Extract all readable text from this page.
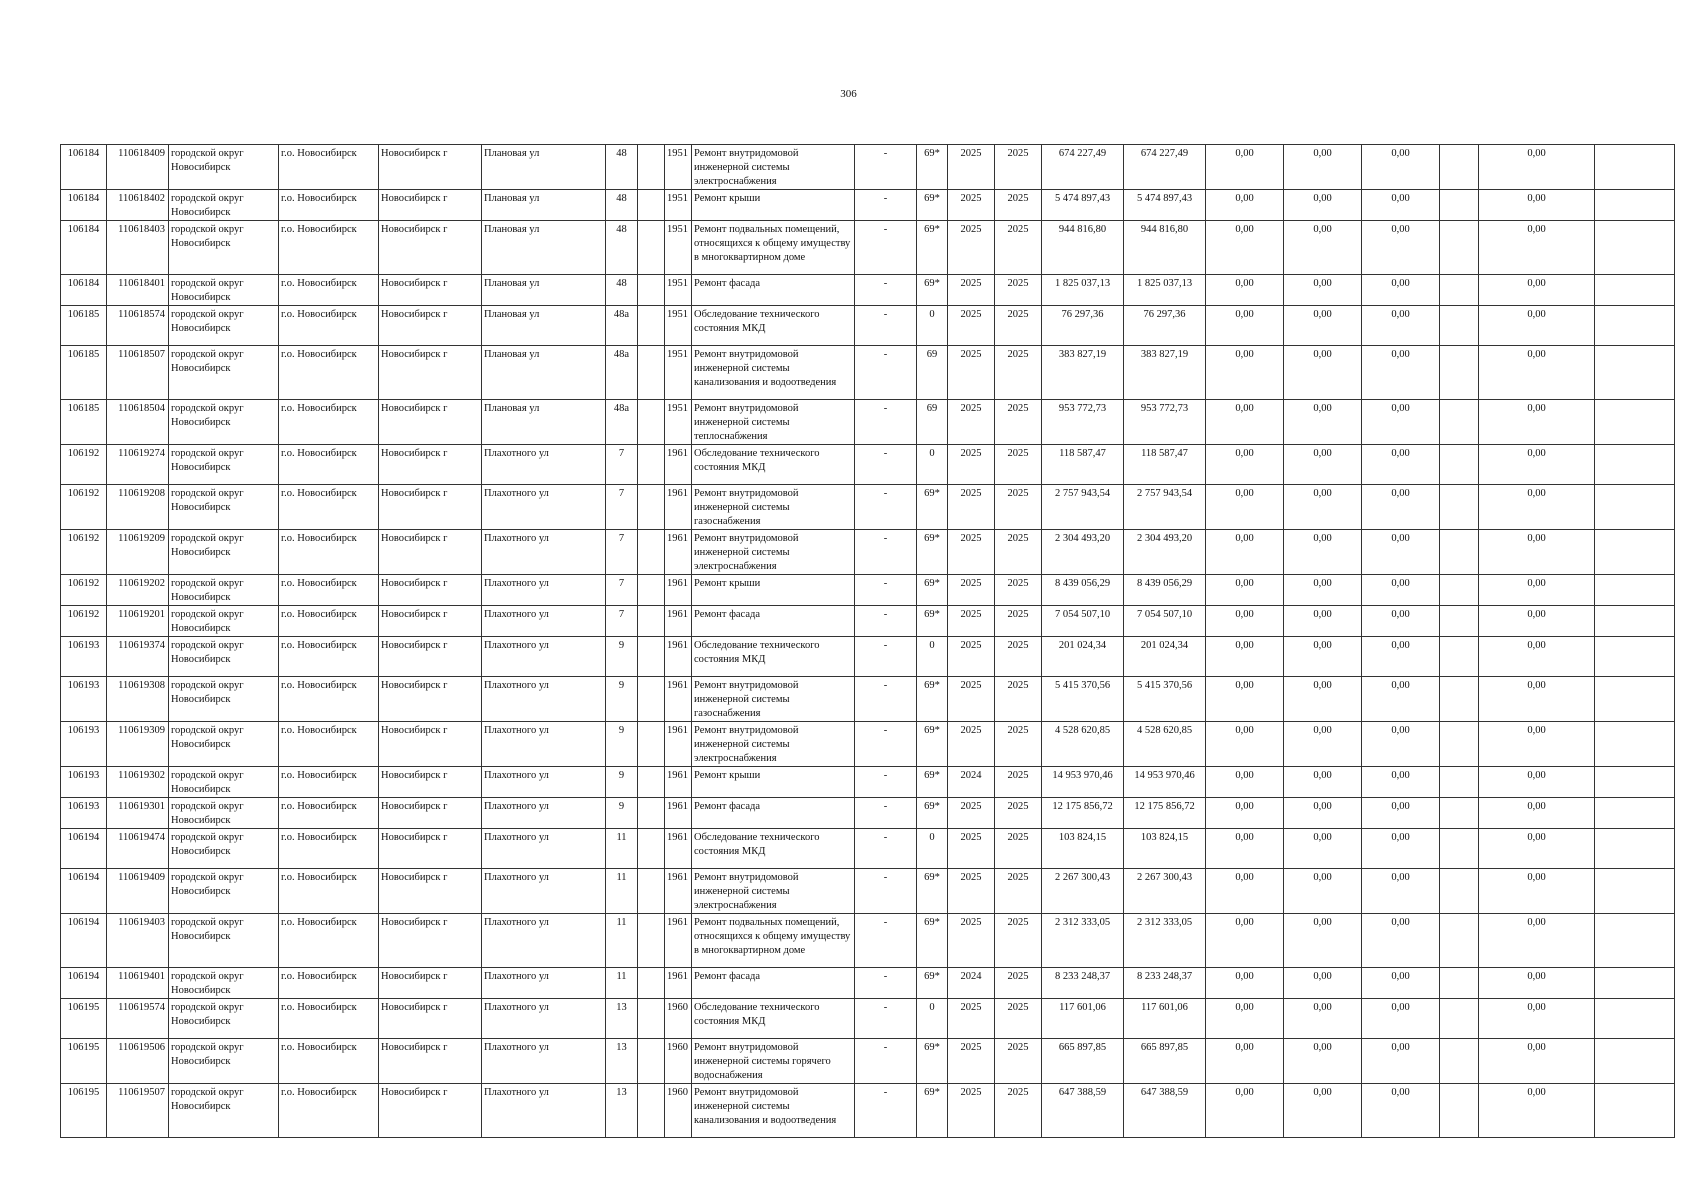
306
106184	110618409	городской округ Новосибирск	г.о. Новосибирск	Новосибирск г	Плановая ул	48		1951	Ремонт внутридомовой инженерной системы электроснабжения	-	69*	2025	2025	674 227,49	674 227,49	0,00	0,00	0,00		0,00	
106184	110618402	городской округ Новосибирск	г.о. Новосибирск	Новосибирск г	Плановая ул	48		1951	Ремонт крыши	-	69*	2025	2025	5 474 897,43	5 474 897,43	0,00	0,00	0,00		0,00	
106184	110618403	городской округ Новосибирск	г.о. Новосибирск	Новосибирск г	Плановая ул	48		1951	Ремонт подвальных помещений, относящихся к общему имуществу в многоквартирном доме	-	69*	2025	2025	944 816,80	944 816,80	0,00	0,00	0,00		0,00	
106184	110618401	городской округ Новосибирск	г.о. Новосибирск	Новосибирск г	Плановая ул	48		1951	Ремонт фасада	-	69*	2025	2025	1 825 037,13	1 825 037,13	0,00	0,00	0,00		0,00	
106185	110618574	городской округ Новосибирск	г.о. Новосибирск	Новосибирск г	Плановая ул	48а		1951	Обследование технического состояния МКД	-	0	2025	2025	76 297,36	76 297,36	0,00	0,00	0,00		0,00	
106185	110618507	городской округ Новосибирск	г.о. Новосибирск	Новосибирск г	Плановая ул	48а		1951	Ремонт внутридомовой инженерной системы канализования и водоотведения	-	69	2025	2025	383 827,19	383 827,19	0,00	0,00	0,00		0,00	
106185	110618504	городской округ Новосибирск	г.о. Новосибирск	Новосибирск г	Плановая ул	48а		1951	Ремонт внутридомовой инженерной системы теплоснабжения	-	69	2025	2025	953 772,73	953 772,73	0,00	0,00	0,00		0,00	
106192	110619274	городской округ Новосибирск	г.о. Новосибирск	Новосибирск г	Плахотного ул	7		1961	Обследование технического состояния МКД	-	0	2025	2025	118 587,47	118 587,47	0,00	0,00	0,00		0,00	
106192	110619208	городской округ Новосибирск	г.о. Новосибирск	Новосибирск г	Плахотного ул	7		1961	Ремонт внутридомовой инженерной системы газоснабжения	-	69*	2025	2025	2 757 943,54	2 757 943,54	0,00	0,00	0,00		0,00	
106192	110619209	городской округ Новосибирск	г.о. Новосибирск	Новосибирск г	Плахотного ул	7		1961	Ремонт внутридомовой инженерной системы электроснабжения	-	69*	2025	2025	2 304 493,20	2 304 493,20	0,00	0,00	0,00		0,00	
106192	110619202	городской округ Новосибирск	г.о. Новосибирск	Новосибирск г	Плахотного ул	7		1961	Ремонт крыши	-	69*	2025	2025	8 439 056,29	8 439 056,29	0,00	0,00	0,00		0,00	
106192	110619201	городской округ Новосибирск	г.о. Новосибирск	Новосибирск г	Плахотного ул	7		1961	Ремонт фасада	-	69*	2025	2025	7 054 507,10	7 054 507,10	0,00	0,00	0,00		0,00	
106193	110619374	городской округ Новосибирск	г.о. Новосибирск	Новосибирск г	Плахотного ул	9		1961	Обследование технического состояния МКД	-	0	2025	2025	201 024,34	201 024,34	0,00	0,00	0,00		0,00	
106193	110619308	городской округ Новосибирск	г.о. Новосибирск	Новосибирск г	Плахотного ул	9		1961	Ремонт внутридомовой инженерной системы газоснабжения	-	69*	2025	2025	5 415 370,56	5 415 370,56	0,00	0,00	0,00		0,00	
106193	110619309	городской округ Новосибирск	г.о. Новосибирск	Новосибирск г	Плахотного ул	9		1961	Ремонт внутридомовой инженерной системы электроснабжения	-	69*	2025	2025	4 528 620,85	4 528 620,85	0,00	0,00	0,00		0,00	
106193	110619302	городской округ Новосибирск	г.о. Новосибирск	Новосибирск г	Плахотного ул	9		1961	Ремонт крыши	-	69*	2024	2025	14 953 970,46	14 953 970,46	0,00	0,00	0,00		0,00	
106193	110619301	городской округ Новосибирск	г.о. Новосибирск	Новосибирск г	Плахотного ул	9		1961	Ремонт фасада	-	69*	2025	2025	12 175 856,72	12 175 856,72	0,00	0,00	0,00		0,00	
106194	110619474	городской округ Новосибирск	г.о. Новосибирск	Новосибирск г	Плахотного ул	11		1961	Обследование технического состояния МКД	-	0	2025	2025	103 824,15	103 824,15	0,00	0,00	0,00		0,00	
106194	110619409	городской округ Новосибирск	г.о. Новосибирск	Новосибирск г	Плахотного ул	11		1961	Ремонт внутридомовой инженерной системы электроснабжения	-	69*	2025	2025	2 267 300,43	2 267 300,43	0,00	0,00	0,00		0,00	
106194	110619403	городской округ Новосибирск	г.о. Новосибирск	Новосибирск г	Плахотного ул	11		1961	Ремонт подвальных помещений, относящихся к общему имуществу в многоквартирном доме	-	69*	2025	2025	2 312 333,05	2 312 333,05	0,00	0,00	0,00		0,00	
106194	110619401	городской округ Новосибирск	г.о. Новосибирск	Новосибирск г	Плахотного ул	11		1961	Ремонт фасада	-	69*	2024	2025	8 233 248,37	8 233 248,37	0,00	0,00	0,00		0,00	
106195	110619574	городской округ Новосибирск	г.о. Новосибирск	Новосибирск г	Плахотного ул	13		1960	Обследование технического состояния МКД	-	0	2025	2025	117 601,06	117 601,06	0,00	0,00	0,00		0,00	
106195	110619506	городской округ Новосибирск	г.о. Новосибирск	Новосибирск г	Плахотного ул	13		1960	Ремонт внутридомовой инженерной системы горячего водоснабжения	-	69*	2025	2025	665 897,85	665 897,85	0,00	0,00	0,00		0,00	
106195	110619507	городской округ Новосибирск	г.о. Новосибирск	Новосибирск г	Плахотного ул	13		1960	Ремонт внутридомовой инженерной системы канализования и водоотведения	-	69*	2025	2025	647 388,59	647 388,59	0,00	0,00	0,00		0,00	
